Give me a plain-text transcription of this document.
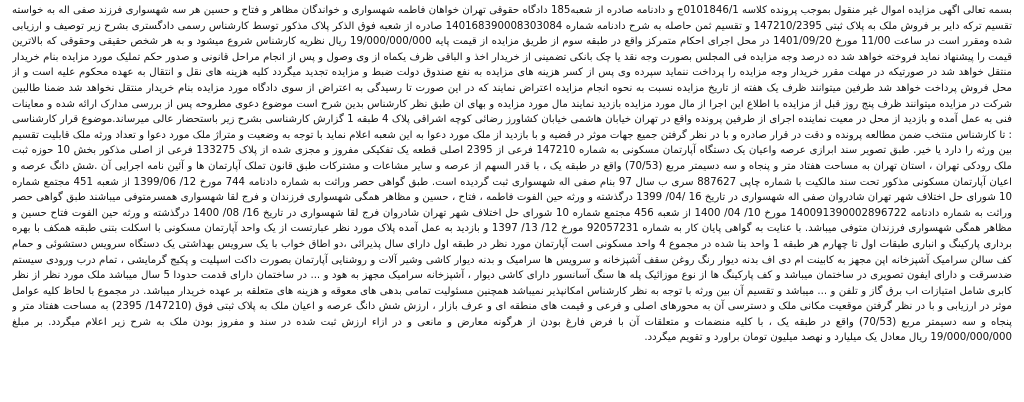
بسمه تعالی اگهی مزایده اموال غیر منقول بموجب پرونده کلاسه 0101846/1ج و دادنامه صادره از شعبه185 دادگاه حقوقی تهران خواهان فاطمه شهسواری و خواندگان مظاهر و فتاح و حسین هر سه شهسواری فرزند صفی اله به خواسته تقسیم ترکه دایر بر فروش ملک به پلاک ثبتی 147210/2395 و تقسیم ثمن حاصله به شرح دادنامه شماره 140168390008303084 صادره از شعبه فوق الذکر پلاک مذکور توسط کارشناس رسمی دادگستری بشرح زیر توصیف و ارزیابی شده ومقرر است در ساعت 11/00 مورخ 1401/09/20 در محل اجرای احکام متمرکز واقع در طبقه سوم از طریق مزایده از قیمت پایه 19/000/000/000 ریال نظریه کارشناس شروع میشود و به هر شخص حقیقی وحقوقی که بالاترین قیمت را پیشنهاد نماید فروخته خواهد شد ده درصد وجه مزایده فی المجلس بصورت وجه نقد یا چک بانکی تضمینی از خریدار اخذ و الباقی ظرف یکماه از وی وصول و پس از انجام مراحل قانونی و صدور حکم تملیک مورد مزایده بنام خریدار منتقل خواهد شد در صورتیکه در مهلت مقرر خریدار وجه مزایده را پرداخت ننماید سپرده وی پس از کسر هزینه های مزایده به نفع صندوق دولت ضبط و مزایده تجدید میگردد کلیه هزینه های نقل و انتقال به عهده محکوم علیه است و از محل فروش پرداخت خواهد شد طرفین میتوانند ظرف یک هفته از تاریخ مزایده نسبت به نحوه انجام مزایده اعتراض نمایند که در این صورت تا رسیدگی به اعتراض از سوی دادگاه مورد مزایده بنام خریدار منتقل نخواهد شد ضمنا طالبین شرکت در مزایده میتوانند ظرف پنج روز قبل از مزایده با اطلاع این اجرا از مال مورد مزایده بازدید نمایند مال مورد مزایده و بهای ان طبق نظر کارشناس بدین شرح است موضوع دعوی مطروحه پس از بررسی مدارک ارائه شده و معاینات فنی به عمل آمده و بازدید از محل در معیت نماینده اجرای از طرفین پرونده واقع در تهران خیابان هاشمی خیابان کشاورز رضائی کوچه اشراقی پلاک 4 طبقه 1 گزارش کارشناسی بشرح زیر باستحضار عالی میرساند.موضوع قرار کارشناسی : تا کارشناس منتخب ضمن مطالعه پرونده و دقت در قرار صادره و با در نظر گرفتن جمیع جهات موثر در قضیه و با بازدید از ملک مورد دعوا به این شعبه اعلام نماید با توجه به وضعیت و متراژ ملک مورد دعوا و تعداد ورثه ملک قابلیت تقسیم بین ورثه را دارد یا خیر. طبق تصویر سند ابرازی عرصه واعیان یک دستگاه آپارتمان مسکونی به شماره 147210 فرعی از 2395 اصلی قطعه یک تفکیکی مفروز و مجزی شده از پلاک 133275 فرعی از اصلی مذکور بخش 10 حوزه ثبت ملک رودکی تهران ، استان تهران به مساحت هفتاد متر و پنجاه و سه دسیمتر مربع (70/53) واقع در طبقه یک ، با قدر السهم از عرصه و سایر مشاعات و مشترکات طبق قانون تملک آپارتمان ها و آئین نامه اجرایی آن .شش دانگ عرصه و اعیان آپارتمان مسکونی مذکور تحت سند مالکیت با شماره چاپی 887627 سری ب سال 97 بنام صفی اله شهسواری ثبت گردیده است. طبق گواهی حصر وراثت به شماره دادنامه 744 مورخ 12/ 1399/06 از شعبه 451 مجتمع شماره 10 شورای حل اختلاف شهر تهران شادروان صفی اله شهسواری در تاریخ 16 /04/ 1399 درگذشته و ورثه حین الفوت فاطمه ، فتاح ، حسین و مظاهر همگی شهسواری فرزندان و فرج لقا شهسواری همسرمتوفی میباشند طبق گواهی حصر وراثت به شماره دادنامه 140091390002896722 مورخ 10/ 04/ 1400 از شعبه 456 مجتمع شماره 10 شورای حل اختلاف شهر تهران شادروان فرج لقا شهسواری در تاریخ 16/ 08/ 1400 درگذشته و ورثه حین الفوت فتاح حسین و مظاهر همگی شهسواری فرزندان متوفی میباشد. با عنایت به گواهی پایان کار به شماره 92057231 مورخ 12/ 13/ 1397 و بازدید به عمل آمده پلاک مورد نظر عبارتست از یک واحد آپارتمان مسکونی با اسکلت بتنی طبقه همکف با بهره برداری پارکینگ و انباری طبقات اول تا چهارم هر طبقه 1 واحد بنا شده در مجموع 4 واحد مسکونی است آپارتمان مورد نظر در طبقه اول دارای سال پذیرائی ،دو اطاق خواب با یک سرویس بهداشتی یک دستگاه سرویس دستشوئی و حمام کف سالن سرامیک آشپزخانه اپن مجهز به کابینت ام دی اف بدنه دیوار رنگ روغن سقف آشپزخانه و سرویس ها سرامیک و بدنه دیوار کاشی وشیر آلات و روشنایی آپارتمان بصورت داکت اسپلیت و پکیج گرمایشی ، تمام درب ورودی سیستم ضدسرقت و دارای ایفون تصویری در ساختمان میباشد و کف پارکینگ ها از نوع موزائیک پله ها سنگ آسانسور دارای کاشی دیوار ، آشپزخانه سرامیک مجهز به هود و ... در ساختمان دارای قدمت حدودا 5 سال میباشد ملک مورد نظر از نظر کابری شامل امتیازات اب برق گاز و تلفن و ... میباشد و تقسیم آن بین ورثه با توجه به نظر کارشناس امکانپذیر نمیباشد همچنین مسئولیت تمامی بدهی های معوقه و هزینه های متعلقه بر عهده خریدار میباشد. در مجموع با لحاظ کلیه عوامل موثر در ارزیابی و با در نظر گرفتن موقعیت مکانی ملک و دسترسی آن به محورهای اصلی و فرعی و قیمت های منطقه ای و عرف بازار ، ارزش شش دانگ عرصه و اعیان ملک به پلاک ثبتی فوق (147210/ 2395) به مساحت هفتاد متر و پنجاه و سه دسیمتر مربع (70/53) واقع در طبقه یک ، با کلیه منضمات و متعلقات آن با فرض فارغ بودن از هرگونه معارض و مانعی و در ازاء ارزش ثبت شده در سند و مفروز بودن ملک به شرح زیر اعلام میگردد. بر مبلغ 19/000/000/000 ریال معادل یک میلیارد و نهصد میلیون تومان براورد و تقویم میگردد.
